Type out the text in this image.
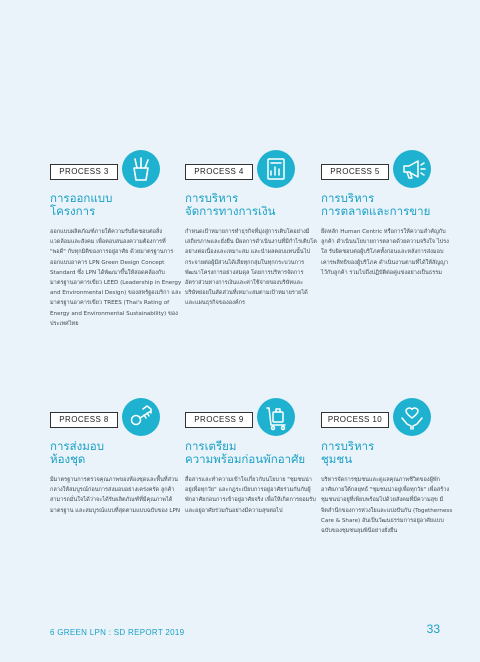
PROCESS 3
การออกแบบ
โครงการ
ออกแบบผลิตภัณฑ์ภายใต้ความรับผิดชอบต่อสิ่งแวดล้อมและสังคม เพื่อตอบสนองความต้องการที่ "พอดี" กับทุกมิติของการอยู่อาศัย ด้วยมาตรฐานการออกแบบอาคาร LPN Green Design Concept Standard ซึ่ง LPN ได้พัฒนาขึ้นให้สอดคล้องกับมาตรฐานอาคารเขียว LEED (Leadership in Energy and Environmental Design) ของสหรัฐอเมริกา และมาตรฐานอาคารเขียว TREES (Thai's Rating of Energy and Environmental Sustainability) ของประเทศไทย
PROCESS 4
การบริหาร
จัดการทางการเงิน
กำหนดเป้าหมายการทำธุรกิจที่มุ่งสู่การเติบโตอย่างมีเสถียรภาพและยั่งยืน มีผลการดำเนินงานที่มีกำไรเติบโตอย่างต่อเนื่องและเหมาะสม และนำผลตอบแทนนั้นไปกระจายต่อผู้มีส่วนได้เสียทุกกลุ่มในทุกกระบวนการพัฒนาโครงการอย่างสมดุล โดยการบริหารจัดการอัตราส่วนทางการเงินและค่าใช้จ่ายของบริษัทและบริษัทย่อยในสัดส่วนที่เหมาะสมตามเป้าหมายรายได้และแผนธุรกิจขององค์กร
PROCESS 5
การบริหาร
การตลาดและการขาย
ยึดหลัก Human Centric หรือการให้ความสำคัญกับลูกค้า ดำเนินนโยบายการตลาดด้วยความจริงใจ ไปรงใส รับผิดชอบต่อผู้บริโภคทั้งก่อนและหลังการส่งมอบ เคารพสิทธิของผู้บริโภค ดำเนินงานตามที่ได้ให้สัญญาไว้กับลูกค้า รวมไปถึงปฏิบัติต่อคู่แข่งอย่างเป็นธรรม
PROCESS 8
การส่งมอบ
ห้องชุด
มีมาตรฐานการตรวจคุณภาพของห้องชุดและพื้นที่ส่วนกลางให้สมบูรณ์ก่อนการส่งมอบอย่างเคร่งครัด ลูกค้าสามารถมั่นใจได้ว่าจะได้รับผลิตภัณฑ์ที่มีคุณภาพได้มาตรฐาน และสมบูรณ์แบบที่สุดตามแบบฉบับของ LPN
PROCESS 9
การเตรียม
ความพร้อมก่อนพักอาศัย
สื่อสารและทำความเข้าใจเกี่ยวกับนโยบาย "ชุมชนน่าอยู่เพื่อทุกวัย" และกฎระเบียบการอยู่อาศัยร่วมกันกับผู้พักอาศัยก่อนการเข้าอยู่อาศัยจริง เพื่อให้เกิดการยอมรับและอยู่อาศัยร่วมกันอย่างมีความสุขต่อไป
PROCESS 10
การบริหาร
ชุมชน
บริหารจัดการชุมชนและดูแลคุณภาพชีวิตของผู้พักอาศัยภายใต้กลยุทธ์ "ชุมชนน่าอยู่เพื่อทุกวัย" เพื่อสร้างชุมชนน่าอยู่ที่เพียบพร้อมไปด้วยสังคมที่มีความสุข มีจิตสำนึกของการห่วงใยและแบ่งปันกัน (Togetherness Care & Share) อันเป็นวัฒนธรรมการอยู่อาศัยแบบฉบับของชุมชนลุมพินีอย่างยั่งยืน
6 GREEN LPN : SD REPORT 2019	33
